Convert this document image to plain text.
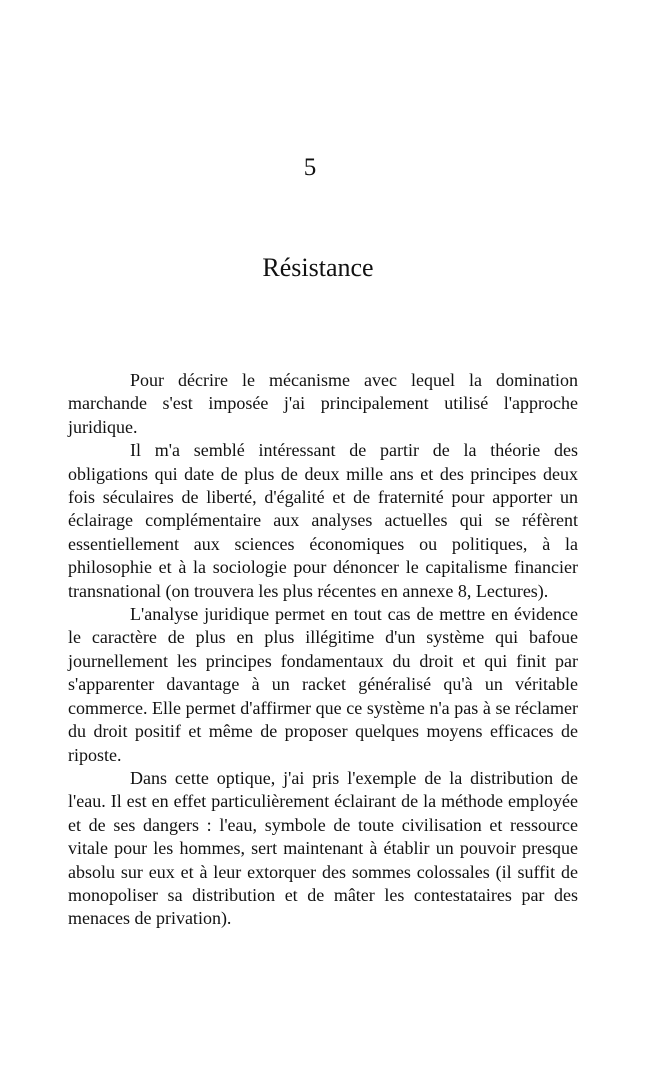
5
Résistance

Pour décrire le mécanisme avec lequel la domination marchande s'est imposée j'ai principalement utilisé l'approche juridique.

Il m'a semblé intéressant de partir de la théorie des obligations qui date de plus de deux mille ans et des principes deux fois séculaires de liberté, d'égalité et de fraternité pour apporter un éclairage complémentaire aux analyses actuelles qui se réfèrent essentiellement aux sciences économiques ou politiques, à la philosophie et à la sociologie pour dénoncer le capitalisme financier transnational (on trouvera les plus récentes en annexe 8, Lectures).

L'analyse juridique permet en tout cas de mettre en évidence le caractère de plus en plus illégitime d'un système qui bafoue journellement les principes fondamentaux du droit et qui finit par s'apparenter davantage à un racket généralisé qu'à un véritable commerce. Elle permet d'affirmer que ce système n'a pas à se réclamer du droit positif et même de proposer quelques moyens efficaces de riposte.

Dans cette optique, j'ai pris l'exemple de la distribution de l'eau. Il est en effet particulièrement éclairant de la méthode employée et de ses dangers : l'eau, symbole de toute civilisation et ressource vitale pour les hommes, sert maintenant à établir un pouvoir presque absolu sur eux et à leur extorquer des sommes colossales (il suffit de monopoliser sa distribution et de mâter les contestataires par des menaces de privation).
